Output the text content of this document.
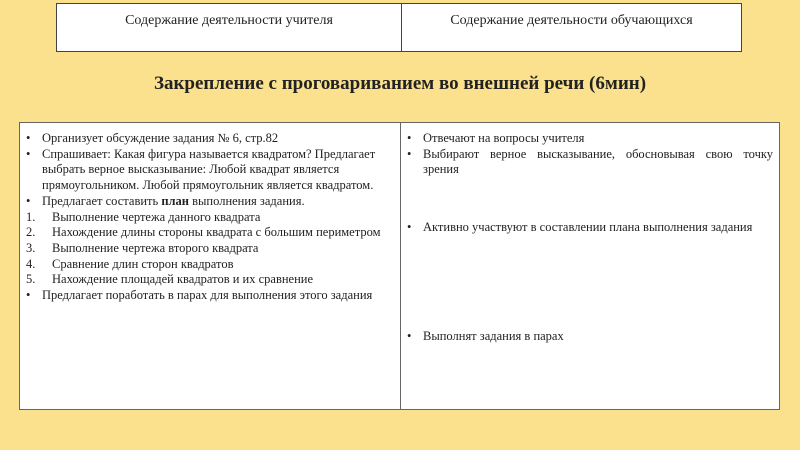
Содержание деятельности учителя	Содержание деятельности обучающихся
Закрепление с проговариванием во внешней речи (6мин)
• Организует обсуждение задания № 6, стр.82
• Спрашивает: Какая фигура называется квадратом? Предлагает выбрать верное высказывание: Любой квадрат является прямоугольником. Любой прямоугольник является квадратом.
• Предлагает составить план выполнения задания.
1. Выполнение чертежа данного квадрата
2. Нахождение длины стороны квадрата с большим периметром
3. Выполнение чертежа второго квадрата
4. Сравнение длин сторон квадратов
5. Нахождение площадей квадратов и их сравнение
• Предлагает поработать в парах для выполнения этого задания
• Отвечают на вопросы учителя
• Выбирают верное высказывание, обосновывая свою точку зрения
• Активно участвуют в составлении плана выполнения задания
• Выполнят задания в парах
